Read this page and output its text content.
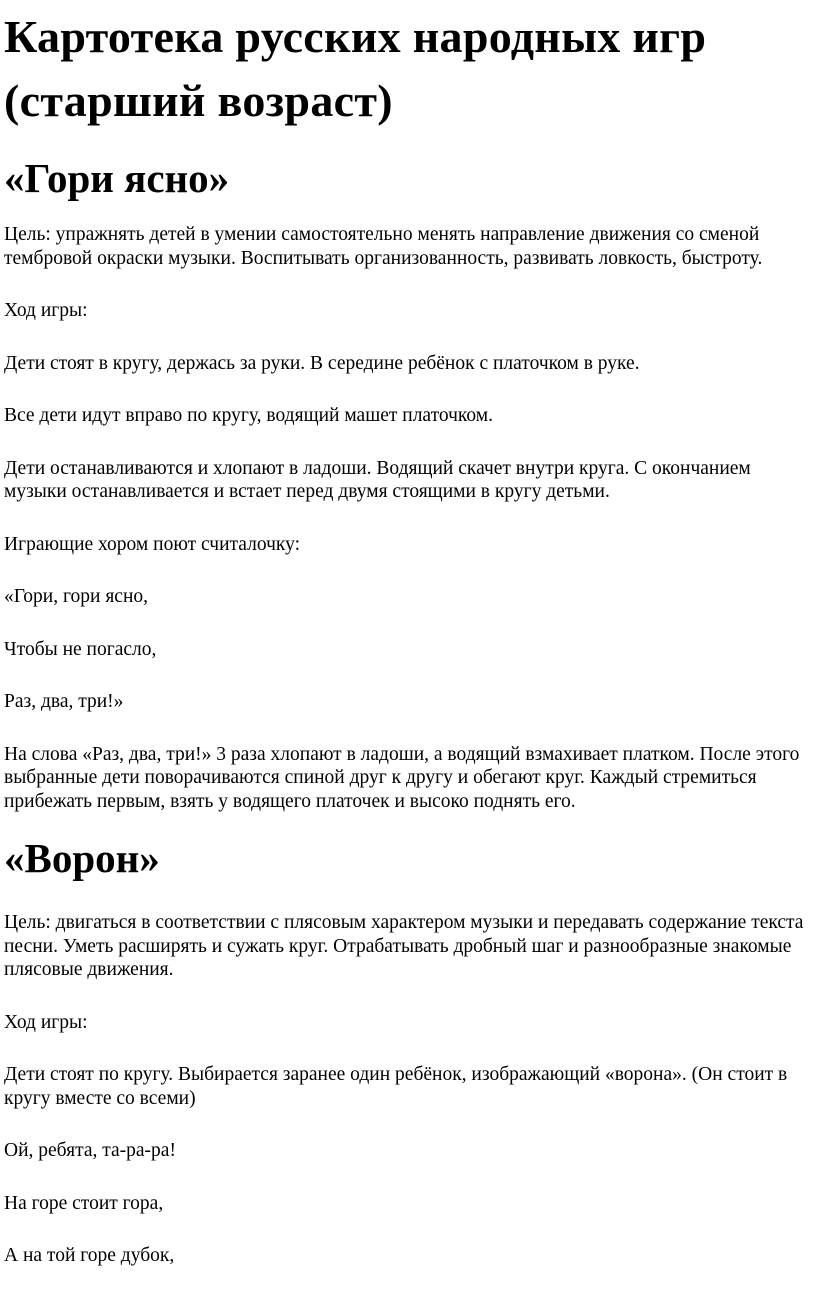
Картотека русских народных игр
(старший возраст)
«Гори ясно»

Цель: упражнять детей в умении самостоятельно менять направление движения со сменой тембровой окраски музыки. Воспитывать организованность, развивать ловкость, быстроту.

Ход игры:

Дети стоят в кругу, держась за руки. В середине ребёнок с платочком в руке.

Все дети идут вправо по кругу, водящий машет платочком.

Дети останавливаются и хлопают в ладоши. Водящий скачет внутри круга. С окончанием музыки останавливается и встает перед двумя стоящими в кругу детьми.

Играющие хором поют считалочку:

«Гори, гори ясно,

Чтобы не погасло,

Раз, два, три!»

На слова «Раз, два, три!» 3 раза хлопают в ладоши, а водящий взмахивает платком. После этого выбранные дети поворачиваются спиной друг к другу и обегают круг. Каждый стремиться прибежать первым, взять у водящего платочек и высоко поднять его.

«Ворон»

Цель: двигаться в соответствии с плясовым характером музыки и передавать содержание текста песни. Уметь расширять и сужать круг. Отрабатывать дробный шаг и разнообразные знакомые плясовые движения.

Ход игры:

Дети стоят по кругу. Выбирается заранее один ребёнок, изображающий «ворона». (Он стоит в кругу вместе со всеми)

Ой, ребята, та-ра-ра!

На горе стоит гора,

А на той горе дубок,
